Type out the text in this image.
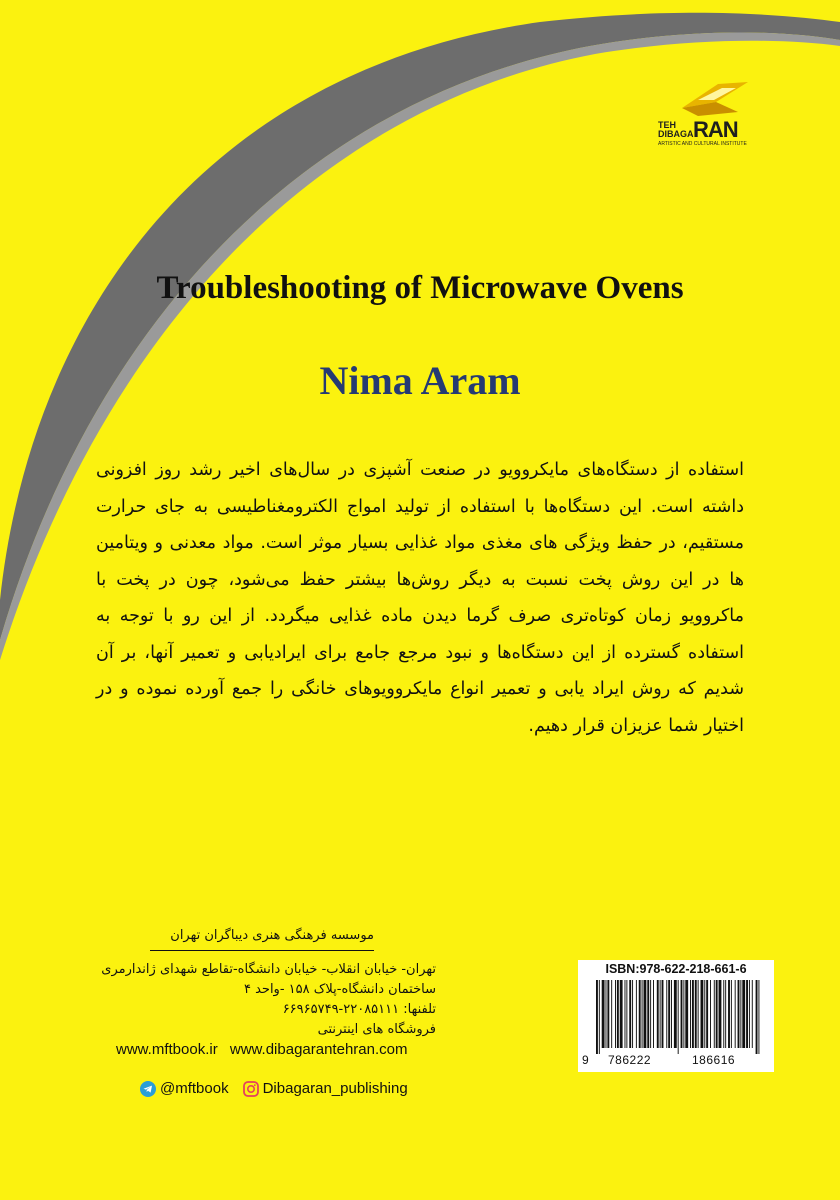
TEH
DIBAGA RAN
ARTISTIC AND CULTURAL INSTITUTE
Troubleshooting of Microwave Ovens
Nima Aram

استفاده از دستگاه‌های مایکروویو در صنعت آشپزی در سال‌های اخیر رشد روز افزونی داشته است. این دستگاه‌ها با استفاده از تولید امواج الکترومغناطیسی به جای حرارت مستقیم، در حفظ ویژگی های مغذی مواد غذایی بسیار موثر است. مواد معدنی و ویتامین ها در این روش پخت نسبت به دیگر روش‌ها بیشتر حفظ می‌شود، چون در پخت با ماکروویو زمان کوتاه‌تری صرف گرما دیدن ماده غذایی میگردد. از این رو با توجه به استفاده گسترده از این دستگاه‌ها و نبود مرجع جامع برای ایرادیابی و تعمیر آنها، بر آن شدیم که روش ایراد یابی و تعمیر انواع مایکروویوهای خانگی را جمع آورده نموده و در اختیار شما عزیزان قرار دهیم.

موسسه فرهنگی هنری دیباگران تهران
تهران- خیابان انقلاب- خیابان دانشگاه-تقاطع شهدای ژاندارمری
ساختمان دانشگاه-پلاک ۱۵۸ -واحد ۴
تلفنها: ۲۲۰۸۵۱۱۱-۶۶۹۶۵۷۴۹
فروشگاه های اینترنتی
www.mftbook.ir www.dibagarantehran.com
@mftbook Dibagaran_publishing
ISBN:978-622-218-661-6
9 786222	186616
